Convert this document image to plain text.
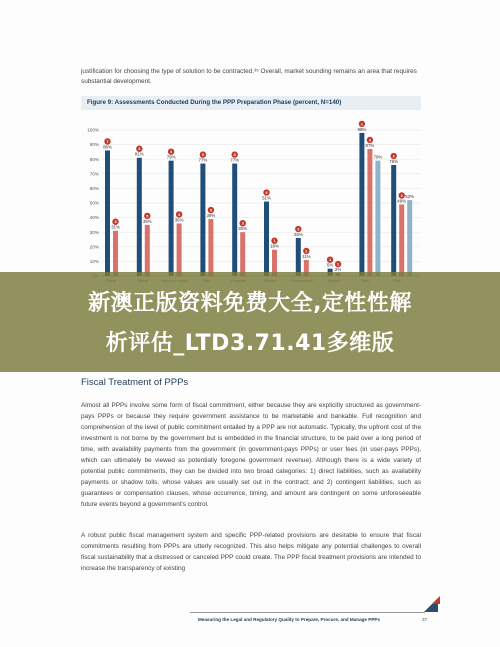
justification for choosing the type of solution to be contracted.³⁵ Overall, market sounding remains an area that requires substantial development.
Figure 9: Assessments Conducted During the PPP Preparation Phase (percent, N=140)
10%
20%
30%
40%
50%
60%
70%
80%
90%
100%
86%
7
31%
3
81%
3
35%
5
79%
4
36%
4
77%
5
39%
5
77%
8
30%
3
51%
6
18%
1
26%
3
11%
2
5%
1
2%
1
98%
1
87%
3
79%
76%
2
49%
2 52%
新澳正版资料免费大全,定性性解
析评估_LTD3.71.41多维版
Fiscal Treatment of PPPs
Almost all PPPs involve some form of fiscal commitment, either because they are explicitly structured as government-pays PPPs or because they require government assistance to be marketable and bankable. Full recognition and comprehension of the level of public commitment entailed by a PPP are not automatic. Typically, the upfront cost of the investment is not borne by the government but is embedded in the financial structure, to be paid over a long period of time, with availability payments from the government (in government-pays PPPs) or user fees (in user-pays PPPs), which can ultimately be viewed as potentially foregone government revenue). Although there is a wide variety of potential public commitments, they can be divided into two broad categories: 1) direct liabilities, such as availability payments or shadow tolls, whose values are usually set out in the contract; and 2) contingent liabilities, such as guarantees or compensation clauses, whose occurrence, timing, and amount are contingent on some unforeseeable future events beyond a government's control.
A robust public fiscal management system and specific PPP-related provisions are desirable to ensure that fiscal commitments resulting from PPPs are utterly recognized. This also helps mitigate any potential challenges to overall fiscal sustainability that a distressed or canceled PPP could create. The PPP fiscal treatment provisions are intended to increase the transparency of existing
Measuring the Legal and Regulatory Quality to Prepare, Procure, and Manage PPPs	37
